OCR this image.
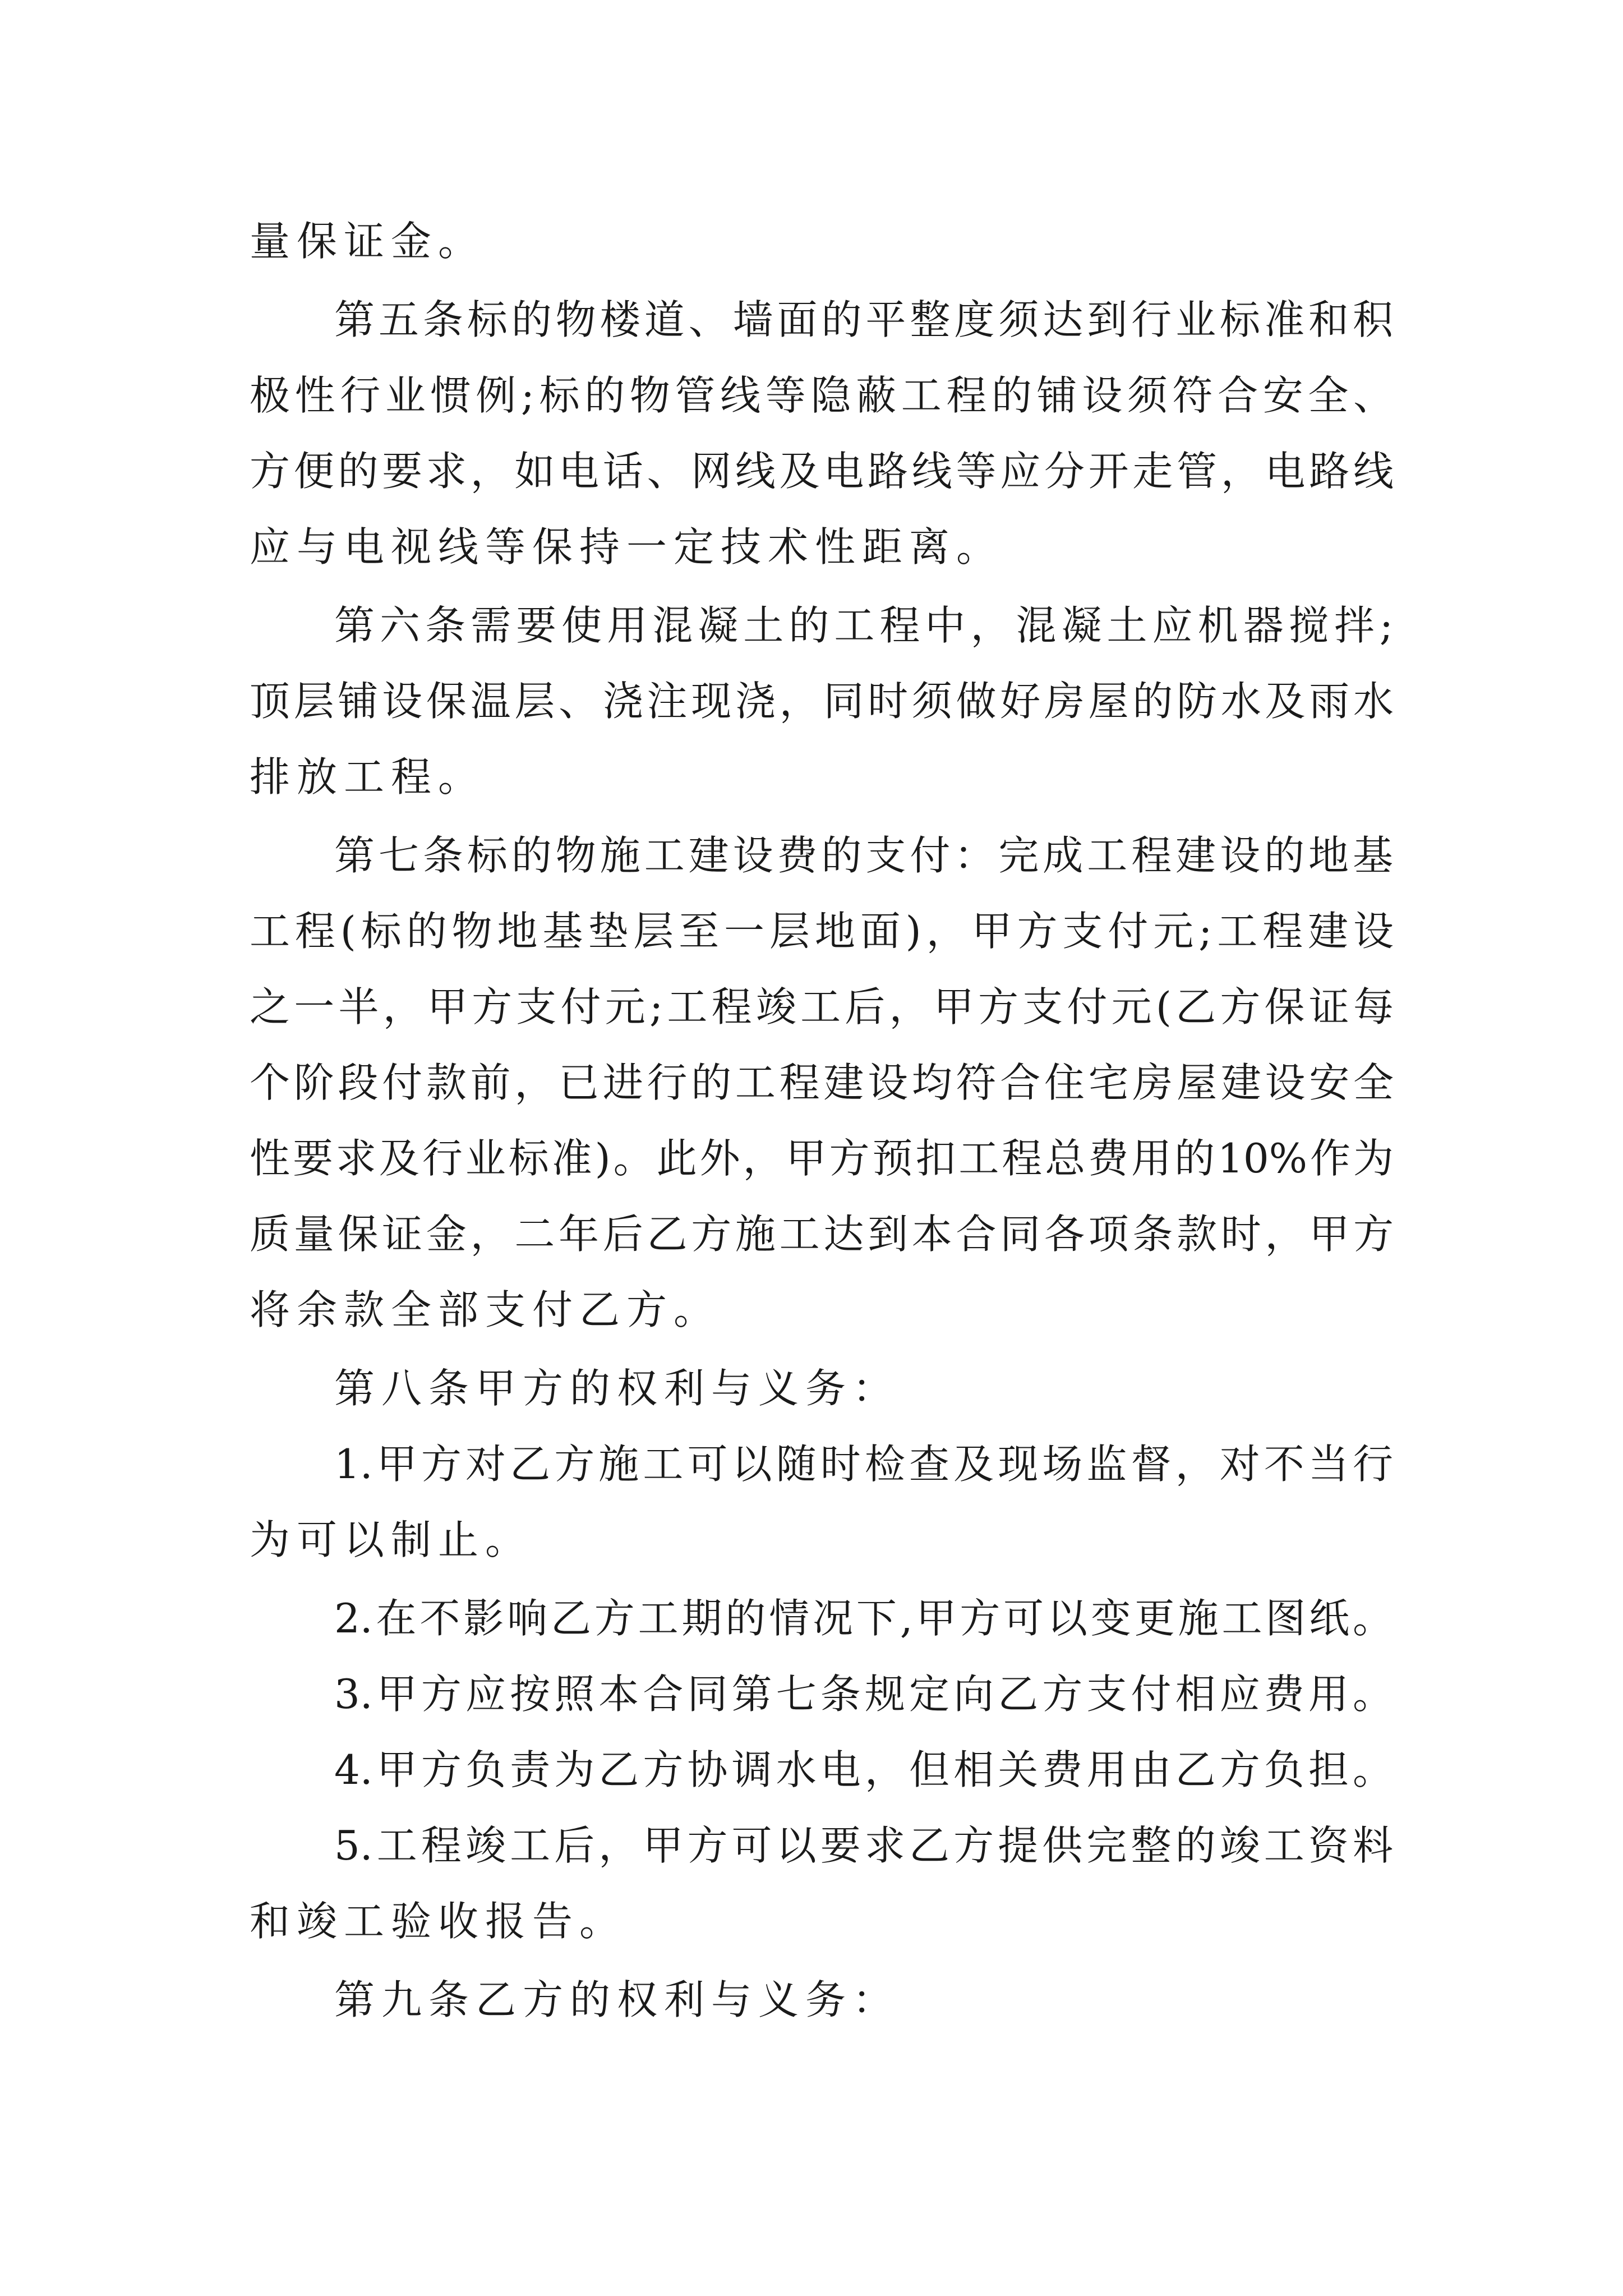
量保证金。
第五条标的物楼道、墙面的平整度须达到行业标准和积
极性行业惯例;标的物管线等隐蔽工程的铺设须符合安全、
方便的要求，如电话、网线及电路线等应分开走管，电路线
应与电视线等保持一定技术性距离。
第六条需要使用混凝土的工程中，混凝土应机器搅拌;
顶层铺设保温层、浇注现浇，同时须做好房屋的防水及雨水
排放工程。
第七条标的物施工建设费的支付：完成工程建设的地基
工程(标的物地基垫层至一层地面)，甲方支付元;工程建设
之一半，甲方支付元;工程竣工后，甲方支付元(乙方保证每
个阶段付款前，已进行的工程建设均符合住宅房屋建设安全
性要求及行业标准)。此外，甲方预扣工程总费用的10%作为
质量保证金，二年后乙方施工达到本合同各项条款时，甲方
将余款全部支付乙方。
第八条甲方的权利与义务：
1.甲方对乙方施工可以随时检查及现场监督，对不当行
为可以制止。
2.在不影响乙方工期的情况下,甲方可以变更施工图纸。
3.甲方应按照本合同第七条规定向乙方支付相应费用。
4.甲方负责为乙方协调水电，但相关费用由乙方负担。
5.工程竣工后，甲方可以要求乙方提供完整的竣工资料
和竣工验收报告。
第九条乙方的权利与义务：
